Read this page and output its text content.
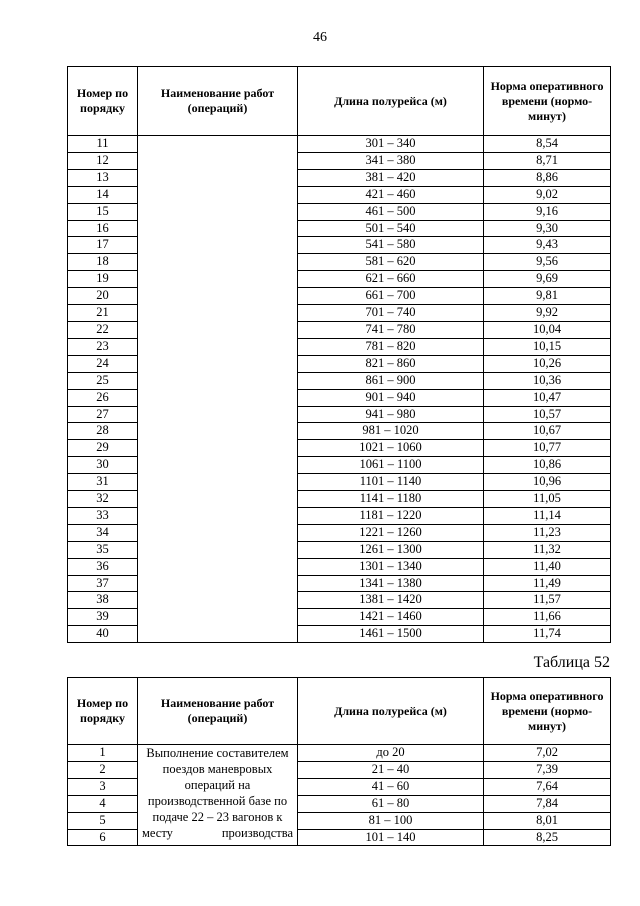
46
Номер по порядку	Наименование работ (операций)	Длина полурейса (м)	Норма оперативного времени (нормо-минут)
11		301 – 340	8,54
12		341 – 380	8,71
13		381 – 420	8,86
14		421 – 460	9,02
15		461 – 500	9,16
16		501 – 540	9,30
17		541 – 580	9,43
18		581 – 620	9,56
19		621 – 660	9,69
20		661 – 700	9,81
21		701 – 740	9,92
22		741 – 780	10,04
23		781 – 820	10,15
24		821 – 860	10,26
25		861 – 900	10,36
26		901 – 940	10,47
27		941 – 980	10,57
28		981 – 1020	10,67
29		1021 – 1060	10,77
30		1061 – 1100	10,86
31		1101 – 1140	10,96
32		1141 – 1180	11,05
33		1181 – 1220	11,14
34		1221 – 1260	11,23
35		1261 – 1300	11,32
36		1301 – 1340	11,40
37		1341 – 1380	11,49
38		1381 – 1420	11,57
39		1421 – 1460	11,66
40		1461 – 1500	11,74
Таблица 52
Номер по порядку	Наименование работ (операций)	Длина полурейса (м)	Норма оперативного времени (нормо-минут)
1	Выполнение составителем поездов маневровых операций на производственной базе по подаче 22 – 23 вагонов к месту производства	до 20	7,02
2		21 – 40	7,39
3		41 – 60	7,64
4		61 – 80	7,84
5		81 – 100	8,01
6		101 – 140	8,25
